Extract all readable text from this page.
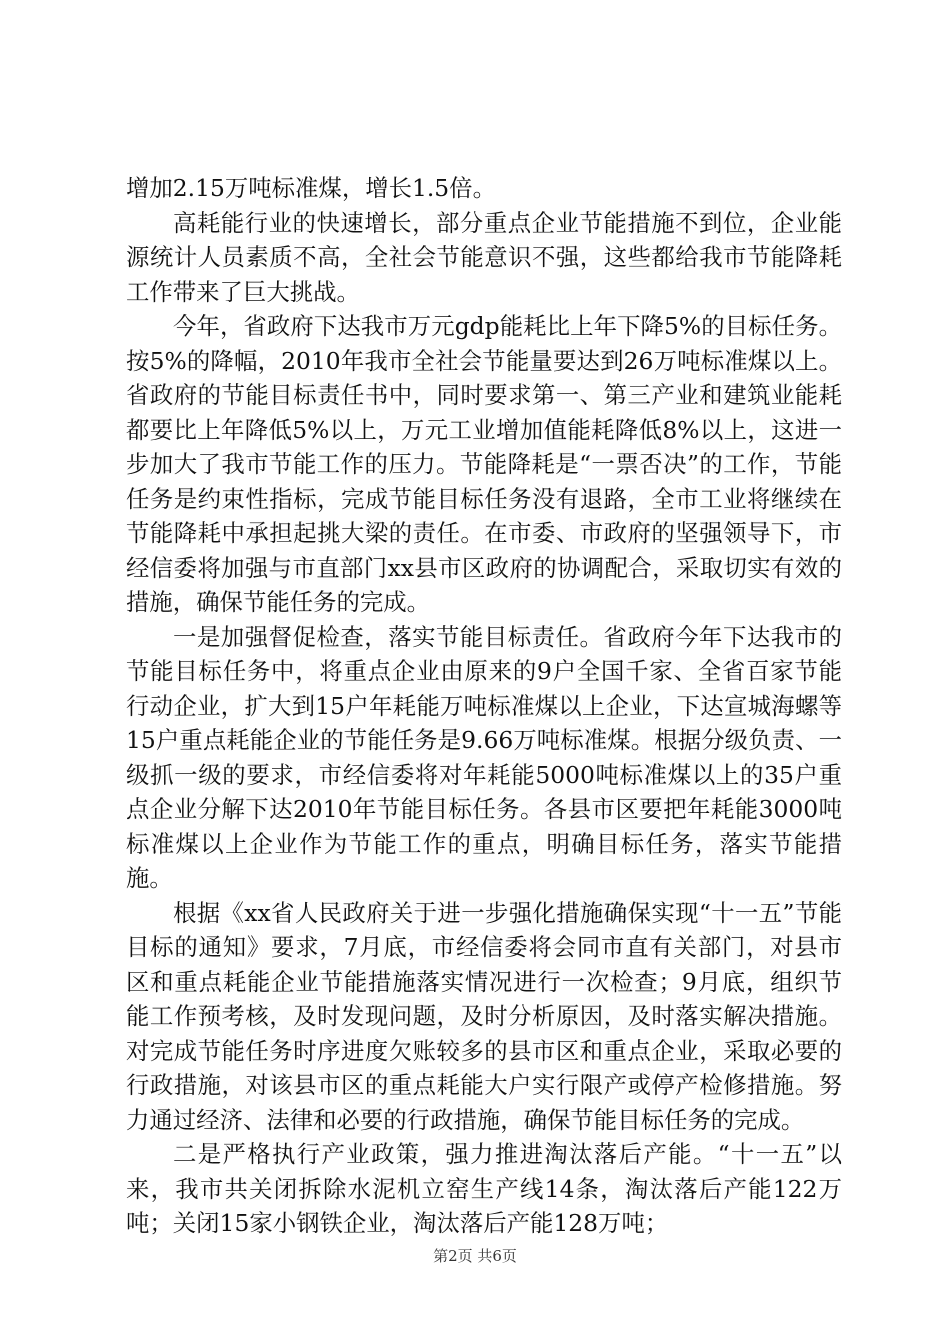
增加2.15万吨标准煤，增长1.5倍。

高耗能行业的快速增长，部分重点企业节能措施不到位，企业能源统计人员素质不高，全社会节能意识不强，这些都给我市节能降耗工作带来了巨大挑战。

今年，省政府下达我市万元gdp能耗比上年下降5%的目标任务。按5%的降幅，2010年我市全社会节能量要达到26万吨标准煤以上。省政府的节能目标责任书中，同时要求第一、第三产业和建筑业能耗都要比上年降低5%以上，万元工业增加值能耗降低8%以上，这进一步加大了我市节能工作的压力。节能降耗是“一票否决”的工作，节能任务是约束性指标，完成节能目标任务没有退路，全市工业将继续在节能降耗中承担起挑大梁的责任。在市委、市政府的坚强领导下，市经信委将加强与市直部门xx县市区政府的协调配合，采取切实有效的措施，确保节能任务的完成。

一是加强督促检查，落实节能目标责任。省政府今年下达我市的节能目标任务中，将重点企业由原来的9户全国千家、全省百家节能行动企业，扩大到15户年耗能万吨标准煤以上企业，下达宣城海螺等15户重点耗能企业的节能任务是9.66万吨标准煤。根据分级负责、一级抓一级的要求，市经信委将对年耗能5000吨标准煤以上的35户重点企业分解下达2010年节能目标任务。各县市区要把年耗能3000吨标准煤以上企业作为节能工作的重点，明确目标任务，落实节能措施。

根据《xx省人民政府关于进一步强化措施确保实现“十一五”节能目标的通知》要求，7月底，市经信委将会同市直有关部门，对县市区和重点耗能企业节能措施落实情况进行一次检查；9月底，组织节能工作预考核，及时发现问题，及时分析原因，及时落实解决措施。对完成节能任务时序进度欠账较多的县市区和重点企业，采取必要的行政措施，对该县市区的重点耗能大户实行限产或停产检修措施。努力通过经济、法律和必要的行政措施，确保节能目标任务的完成。

二是严格执行产业政策，强力推进淘汰落后产能。“十一五”以来，我市共关闭拆除水泥机立窑生产线14条，淘汰落后产能122万吨；关闭15家小钢铁企业，淘汰落后产能128万吨；

第2页 共6页
